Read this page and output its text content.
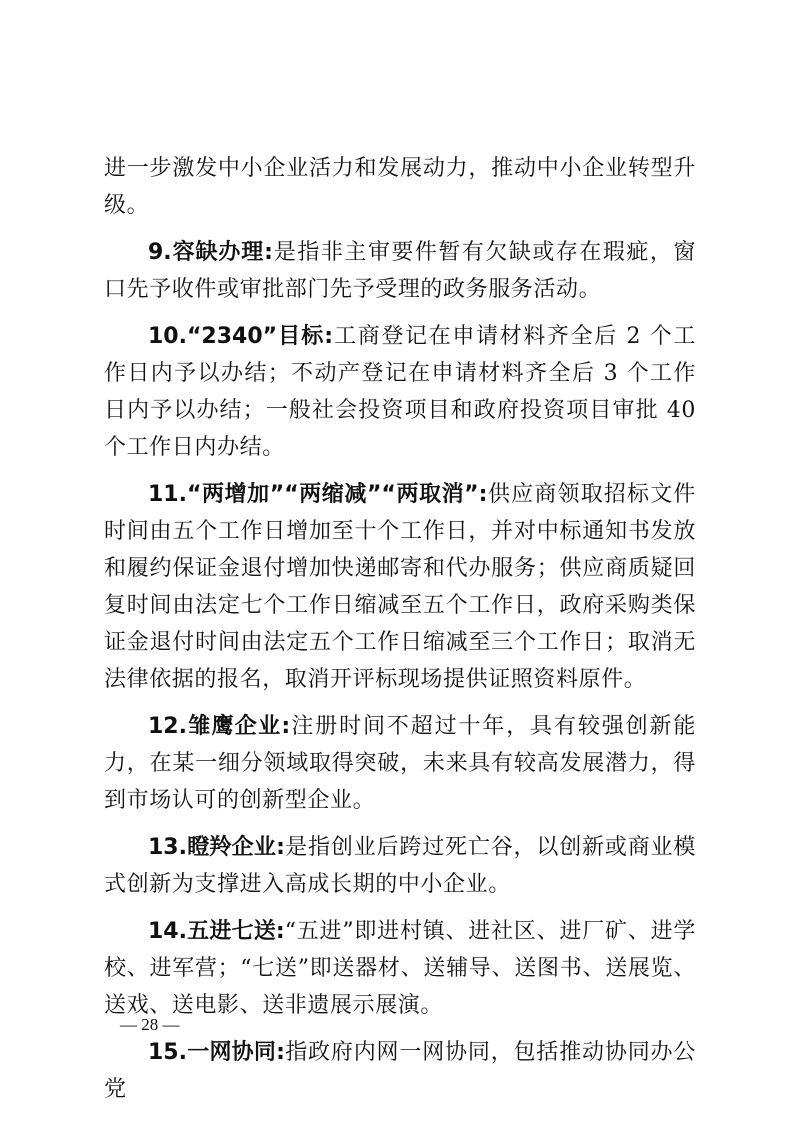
进一步激发中小企业活力和发展动力，推动中小企业转型升级。

9.容缺办理:是指非主审要件暂有欠缺或存在瑕疵，窗口先予收件或审批部门先予受理的政务服务活动。

10.“2340”目标:工商登记在申请材料齐全后 2 个工作日内予以办结；不动产登记在申请材料齐全后 3 个工作日内予以办结；一般社会投资项目和政府投资项目审批 40 个工作日内办结。

11.“两增加”“两缩减”“两取消”:供应商领取招标文件时间由五个工作日增加至十个工作日，并对中标通知书发放和履约保证金退付增加快递邮寄和代办服务；供应商质疑回复时间由法定七个工作日缩减至五个工作日，政府采购类保证金退付时间由法定五个工作日缩减至三个工作日；取消无法律依据的报名，取消开评标现场提供证照资料原件。

12.雏鹰企业:注册时间不超过十年，具有较强创新能力，在某一细分领域取得突破，未来具有较高发展潜力，得到市场认可的创新型企业。

13.瞪羚企业:是指创业后跨过死亡谷，以创新或商业模式创新为支撑进入高成长期的中小企业。

14.五进七送:“五进”即进村镇、进社区、进厂矿、进学校、进军营；“七送”即送器材、送辅导、送图书、送展览、送戏、送电影、送非遗展示展演。

15.一网协同:指政府内网一网协同，包括推动协同办公党

— 28 —
